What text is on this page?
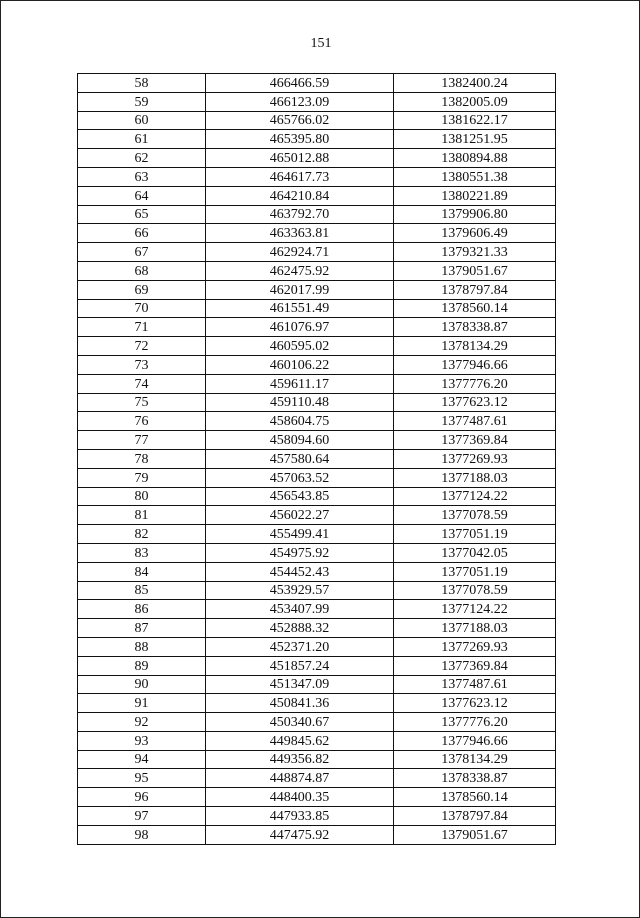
151
58	466466.59	1382400.24
59	466123.09	1382005.09
60	465766.02	1381622.17
61	465395.80	1381251.95
62	465012.88	1380894.88
63	464617.73	1380551.38
64	464210.84	1380221.89
65	463792.70	1379906.80
66	463363.81	1379606.49
67	462924.71	1379321.33
68	462475.92	1379051.67
69	462017.99	1378797.84
70	461551.49	1378560.14
71	461076.97	1378338.87
72	460595.02	1378134.29
73	460106.22	1377946.66
74	459611.17	1377776.20
75	459110.48	1377623.12
76	458604.75	1377487.61
77	458094.60	1377369.84
78	457580.64	1377269.93
79	457063.52	1377188.03
80	456543.85	1377124.22
81	456022.27	1377078.59
82	455499.41	1377051.19
83	454975.92	1377042.05
84	454452.43	1377051.19
85	453929.57	1377078.59
86	453407.99	1377124.22
87	452888.32	1377188.03
88	452371.20	1377269.93
89	451857.24	1377369.84
90	451347.09	1377487.61
91	450841.36	1377623.12
92	450340.67	1377776.20
93	449845.62	1377946.66
94	449356.82	1378134.29
95	448874.87	1378338.87
96	448400.35	1378560.14
97	447933.85	1378797.84
98	447475.92	1379051.67
